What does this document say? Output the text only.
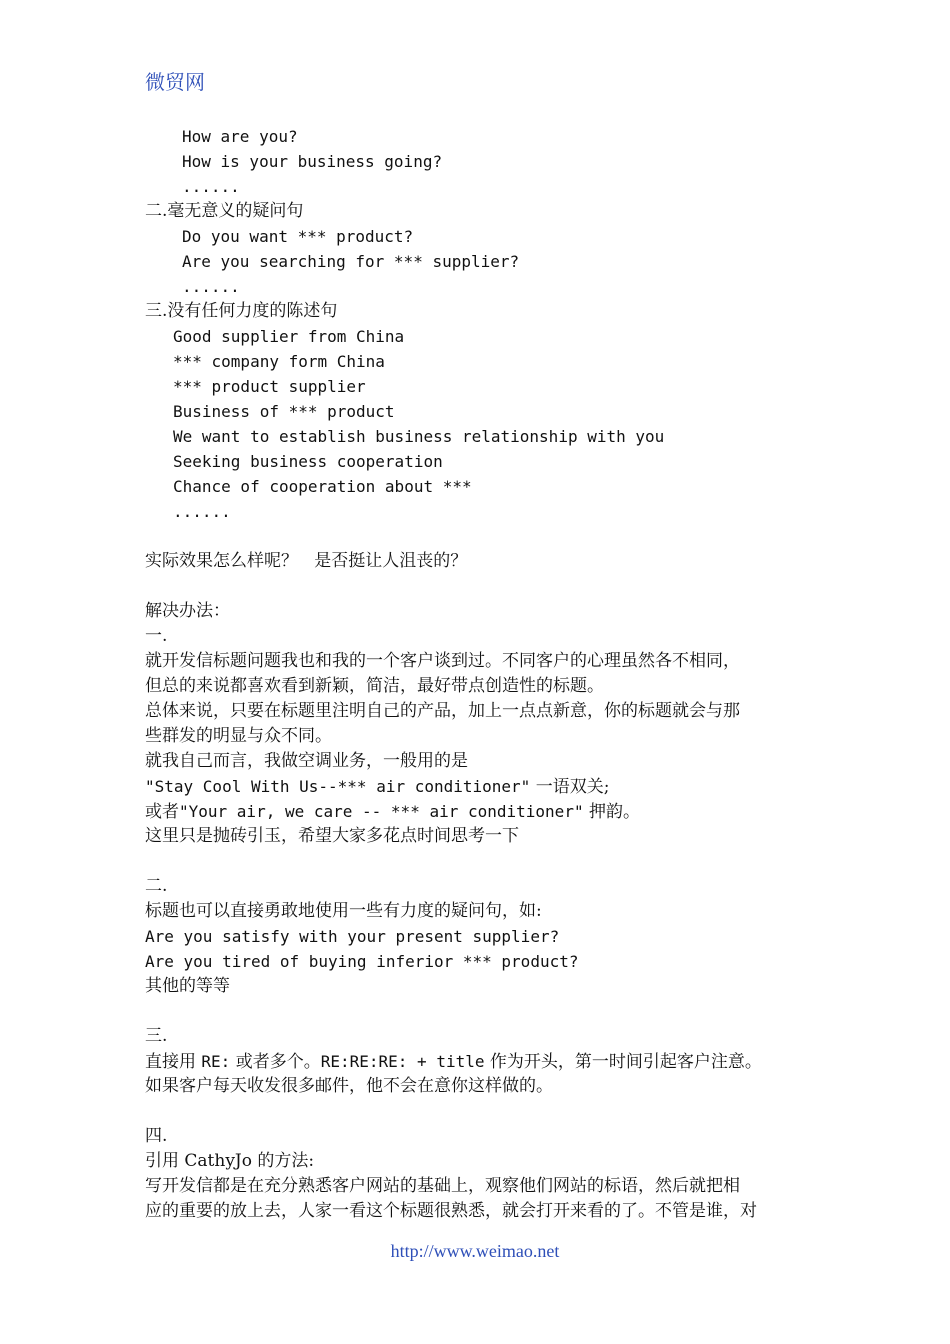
微贸网
How are you?
How is your business going?
......
二.毫无意义的疑问句
Do you want *** product?
Are you searching for *** supplier?
......
三.没有任何力度的陈述句
Good supplier from China
*** company form China
*** product supplier
Business of *** product
We want to establish business relationship with you
Seeking business cooperation
Chance of cooperation about ***
......
实际效果怎么样呢？   是否挺让人沮丧的？
解决办法：
一.
就开发信标题问题我也和我的一个客户谈到过。不同客户的心理虽然各不相同，
但总的来说都喜欢看到新颖，简洁，最好带点创造性的标题。
总体来说，只要在标题里注明自己的产品，加上一点点新意，你的标题就会与那
些群发的明显与众不同。
就我自己而言，我做空调业务，一般用的是
"Stay Cool With Us--*** air conditioner" 一语双关;
或者"Your air, we care -- *** air conditioner" 押韵。
这里只是抛砖引玉，希望大家多花点时间思考一下
二.
标题也可以直接勇敢地使用一些有力度的疑问句，如:
Are you satisfy with your present supplier?
Are you tired of buying inferior *** product?
其他的等等
三.
直接用 RE: 或者多个。RE:RE:RE: + title 作为开头，第一时间引起客户注意。
如果客户每天收发很多邮件，他不会在意你这样做的。
四.
引用 CathyJo 的方法:
写开发信都是在充分熟悉客户网站的基础上，观察他们网站的标语，然后就把相
应的重要的放上去，人家一看这个标题很熟悉，就会打开来看的了。不管是谁，对
http://www.weimao.net
